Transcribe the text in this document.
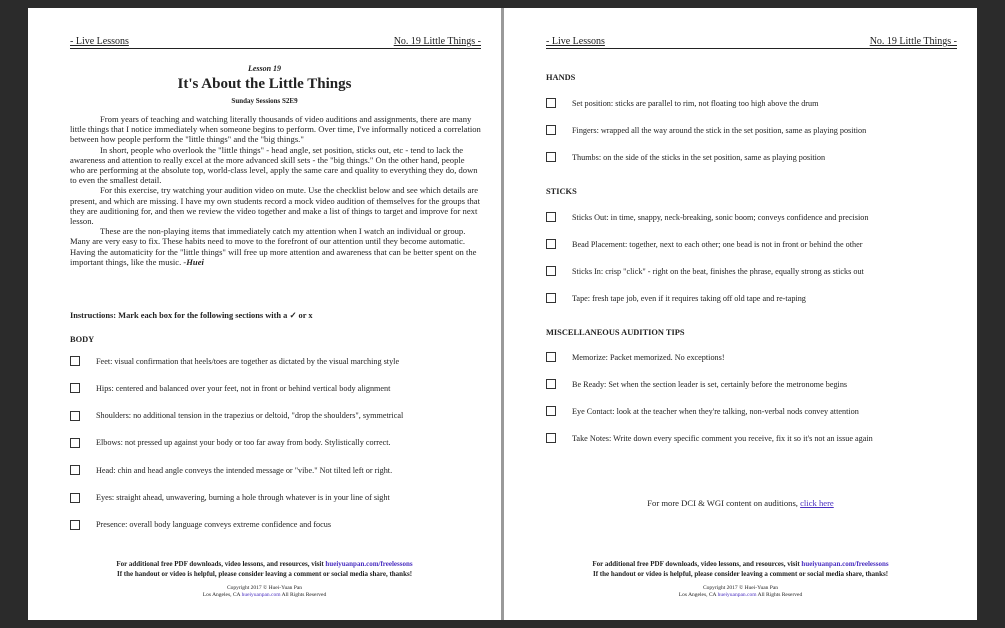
- Live Lessons	No. 19 Little Things -
Lesson 19
It's About the Little Things
Sunday Sessions S2E9

From years of teaching and watching literally thousands of video auditions and assignments, there are many little things that I notice immediately when someone begins to perform. Over time, I've informally noticed a correlation between how people perform the "little things" and the "big things."

In short, people who overlook the "little things" - head angle, set position, sticks out, etc - tend to lack the awareness and attention to really excel at the more advanced skill sets - the "big things." On the other hand, people who are performing at the absolute top, world-class level, apply the same care and quality to everything they do, down to even the smallest detail.

For this exercise, try watching your audition video on mute. Use the checklist below and see which details are present, and which are missing. I have my own students record a mock video audition of themselves for the groups that they are auditioning for, and then we review the video together and make a list of things to target and improve for next lesson.

These are the non-playing items that immediately catch my attention when I watch an individual or group. Many are very easy to fix. These habits need to move to the forefront of our attention until they become automatic. Having the automaticity for the "little things" will free up more attention and awareness that can be better spent on the important things, like the music. -Huei

Instructions: Mark each box for the following sections with a ✓ or x
BODY
Feet: visual confirmation that heels/toes are together as dictated by the visual marching style
Hips: centered and balanced over your feet, not in front or behind vertical body alignment
Shoulders: no additional tension in the trapezius or deltoid, "drop the shoulders", symmetrical
Elbows: not pressed up against your body or too far away from body. Stylistically correct.
Head: chin and head angle conveys the intended message or "vibe." Not tilted left or right.
Eyes: straight ahead, unwavering, burning a hole through whatever is in your line of sight
Presence: overall body language conveys extreme confidence and focus
For additional free PDF downloads, video lessons, and resources, visit hueiyuanpan.com/freelessons
If the handout or video is helpful, please consider leaving a comment or social media share, thanks!
Copyright 2017 © Huei-Yuan Pan
Los Angeles, CA hueiyuanpan.com All Rights Reserved
- Live Lessons	No. 19 Little Things -
HANDS
STICKS
MISCELLANEOUS AUDITION TIPS
Set position: sticks are parallel to rim, not floating too high above the drum
Fingers: wrapped all the way around the stick in the set position, same as playing position
Thumbs: on the side of the sticks in the set position, same as playing position
Sticks Out: in time, snappy, neck-breaking, sonic boom; conveys confidence and precision
Bead Placement: together, next to each other; one bead is not in front or behind the other
Sticks In: crisp "click" - right on the beat, finishes the phrase, equally strong as sticks out
Tape: fresh tape job, even if it requires taking off old tape and re-taping
Memorize: Packet memorized. No exceptions!
Be Ready: Set when the section leader is set, certainly before the metronome begins
Eye Contact: look at the teacher when they're talking, non-verbal nods convey attention
Take Notes: Write down every specific comment you receive, fix it so it's not an issue again
For more DCI & WGI content on auditions, click here
For additional free PDF downloads, video lessons, and resources, visit hueiyuanpan.com/freelessons
If the handout or video is helpful, please consider leaving a comment or social media share, thanks!
Copyright 2017 © Huei-Yuan Pan
Los Angeles, CA hueiyuanpan.com All Rights Reserved
